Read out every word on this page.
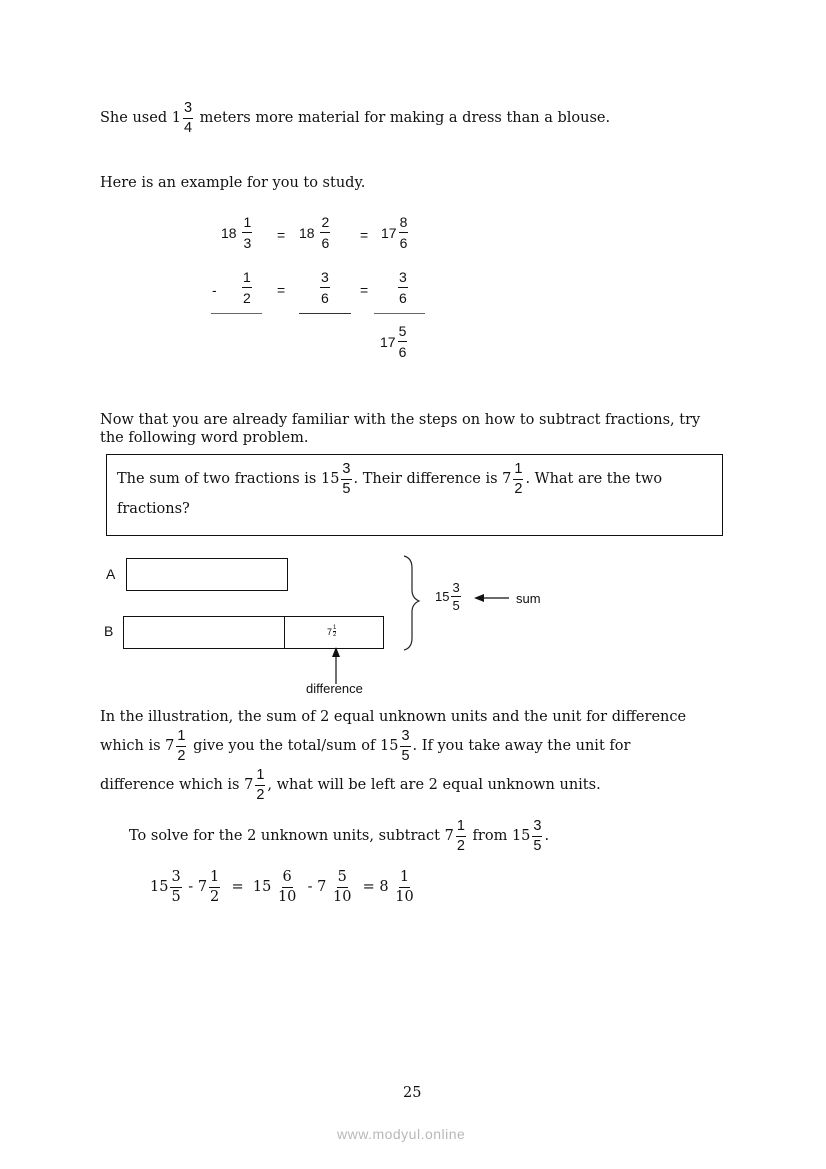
She used $1 \frac{3}{4}$ meters more material for making a dress than a blouse.
Here is an example for you to study.
18
$\frac{1}{3} = 18$
$\frac{2}{6} = 17 \frac{8}{6}$
- $\frac{1}{2} = \frac{3}{6} = \frac{3}{6}$
$17 \frac{5}{6}$
Now that you are already familiar with the steps on how to subtract fractions, try the following word problem.
The sum of two fractions is $15 \frac{3}{5}$ . Their difference is $7 \frac{1}{2}$ . What are the two
fractions?
A
B	$7 \frac{1}{2}$
$15 \frac{3}{5}$	sum
difference
In the illustration, the sum of 2 equal unknown units and the unit for difference
which is $7 \frac{1}{2}$ give you the total/sum of $15 \frac{3}{5}$ . If you take away the unit for
difference which is $7 \frac{1}{2}$ , what will be left are 2 equal unknown units.
To solve for the 2 unknown units, subtract $7 \frac{1}{2}$ from $15 \frac{3}{5}$ .
$15 \frac{3}{5} - 7 \frac{1}{2} = 15$
$\frac{6}{10} - 7$
$\frac{5}{10} = 8$
$\frac{1}{10}$
25
www.modyul.online
